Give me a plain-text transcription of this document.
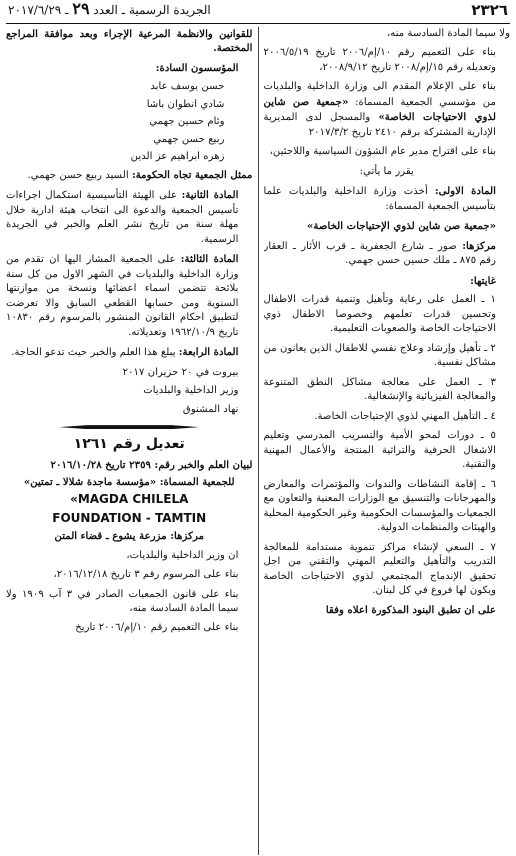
٢٣٢٦
الجريدة الرسمية ـ العدد ٢٩ ـ ٢٠١٧/٦/٢٩

ولا سيما المادة السادسة منه،

بناء على التعميم رقم ١٠/إم/٢٠٠٦ تاريخ ٢٠٠٦/٥/١٩ وتعديله رقم ١٥/إم/٢٠٠٨ تاريخ ٢٠٠٨/٩/١٢،

بناء على الإعلام المقدم الى وزارة الداخلية والبلديات من مؤسسي الجمعية المسماة: «جمعية صن شاين لذوي الاحتياجات الخاصة» والمسجل لدى المديرية الإدارية المشتركة برقم ٢٤١٠ تاريخ ٢٠١٧/٣/٢

بناء على اقتراح مدير عام الشؤون السياسية واللاجئين،

يقرر ما يأتي:

المادة الاولى: أخذت وزارة الداخلية والبلديات علما بتأسيس الجمعية المسماة:

«جمعية صن شاين لذوي الإحتياجات الخاصة»

مركزها: صور ـ شارع الجعفرية ـ قرب الأثار ـ العقار رقم ٨٧٥ ـ ملك حسين حسن جهمي.

غايتها:

١ ـ العمل على رعاية وتأهيل وتنمية قدرات الاطفال وتحسين قدرات تعلمهم وخصوصا الاطفال ذوي الاحتياجات الخاصة والصعوبات التعليمية.

٢ ـ تأهيل وإرشاد وعلاج نفسي للاطفال الذين يعانون من مشاكل نفسية.

٣ ـ العمل على معالجة مشاكل النطق المتنوعة والمعالجة الفيزيائية والإنشغالية.

٤ ـ التأهيل المهني لذوي الإحتياجات الخاصة.

٥ ـ دورات لمحو الأمية والتسريب المدرسي وتعليم الاشغال الحرفية والتراثية المنتجة والأعمال المهنية والتقنية.

٦ ـ إقامة النشاطات والندوات والمؤتمرات والمعارض والمهرجانات والتنسيق مع الوزارات المعنية والتعاون مع الجمعيات والمؤسسات الحكومية وغير الحكومية المحلية والهيئات والمنظمات الدولية.

٧ ـ السعي لإنشاء مراكز تنموية مستدامة للمعالجة التدريب والتأهيل والتعليم المهني والتقني من اجل تحقيق الإندماج المجتمعي لذوي الاحتياجات الخاصة ويكون لها فروع في كل لبنان.

على ان تطبق البنود المذكورة اعلاه وفقا

للقوانين والانظمة المرعية الإجراء وبعد موافقة المراجع المختصة.

المؤسسون السادة:

حسن يوسف عابد
شادي انطوان باشا
وئام حسين جهمي
ربيع حسن جهمي
زهره ابراهيم عز الدين

ممثل الجمعية تجاه الحكومة: السيد ربيع حسن جهمي.

المادة الثانية: على الهيئة التأسيسية استكمال اجراءات تأسيس الجمعية والدعوة الى انتخاب هيئة ادارية خلال مهلة سنة من تاريخ نشر العلم والخبر في الجريدة الرسمية.

المادة الثالثة: على الجمعية المشار اليها ان تقدم من وزارة الداخلية والبلديات في الشهر الاول من كل سنة بلائحة تتضمن اسماء اعضائها ونسخة من موازنتها السنوية ومن حسابها القطعي السابق والا تعرضت لتطبيق احكام القانون المنشور بالمرسوم رقم ١٠٨٣٠ تاريخ ١٩٦٢/١٠/٩ وتعديلاته.

المادة الرابعة: يبلغ هذا العلم والخبر حيث تدعو الحاجة.

بيروت في ٢٠ حزيران ٢٠١٧
وزير الداخلية والبلديات
نهاد المشنوق
تعديل رقم ١٢٦١

لبيان العلم والخبر رقم: ٢٣٥٩ تاريخ ٢٠١٦/١٠/٢٨

للجمعية المسماة: «مؤسسة ماجدة شلالا ـ تمتين»

«MAGDA CHILELA
FOUNDATION - TAMTIN

مركزها: مزرعة يشوع ـ قضاء المتن

ان وزير الداخلية والبلديات،

بناء على المرسوم رقم ٣ تاريخ ٢٠١٦/١٢/١٨،

بناء على قانون الجمعيات الصادر في ٣ آب ١٩٠٩ ولا سيما المادة السادسة منه،

بناء على التعميم رقم ١٠/إم/٢٠٠٦ تاريخ
